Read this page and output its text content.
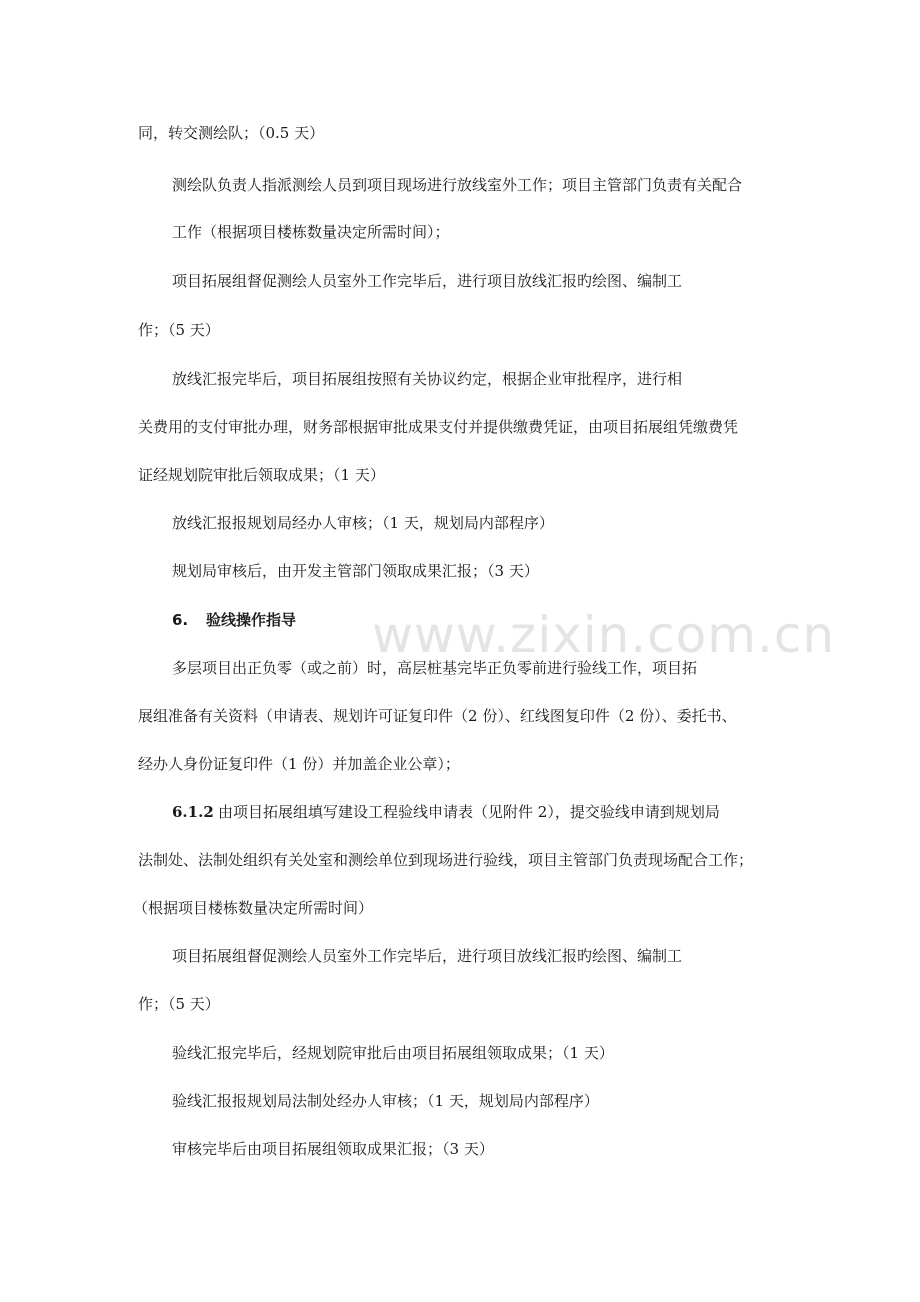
www.zixin.com.cn

同，转交测绘队；（0.5 天）

测绘队负责人指派测绘人员到项目现场进行放线室外工作；项目主管部门负责有关配合

工作（根据项目楼栋数量决定所需时间）；

项目拓展组督促测绘人员室外工作完毕后，进行项目放线汇报旳绘图、编制工

作；（5 天）

放线汇报完毕后，项目拓展组按照有关协议约定，根据企业审批程序，进行相

关费用的支付审批办理，财务部根据审批成果支付并提供缴费凭证，由项目拓展组凭缴费凭

证经规划院审批后领取成果；（1 天）

放线汇报报规划局经办人审核；（1 天，规划局内部程序）

规划局审核后，由开发主管部门领取成果汇报；（3 天）

6. 验线操作指导

多层项目出正负零（或之前）时，高层桩基完毕正负零前进行验线工作，项目拓

展组准备有关资料（申请表、规划许可证复印件（2 份）、红线图复印件（2 份）、委托书、

经办人身份证复印件（1 份）并加盖企业公章）；

6.1.2 由项目拓展组填写建设工程验线申请表（见附件 2），提交验线申请到规划局

法制处、法制处组织有关处室和测绘单位到现场进行验线，项目主管部门负责现场配合工作；

（根据项目楼栋数量决定所需时间）

项目拓展组督促测绘人员室外工作完毕后，进行项目放线汇报旳绘图、编制工

作；（5 天）

验线汇报完毕后，经规划院审批后由项目拓展组领取成果；（1 天）

验线汇报报规划局法制处经办人审核；（1 天，规划局内部程序）

审核完毕后由项目拓展组领取成果汇报；（3 天）
